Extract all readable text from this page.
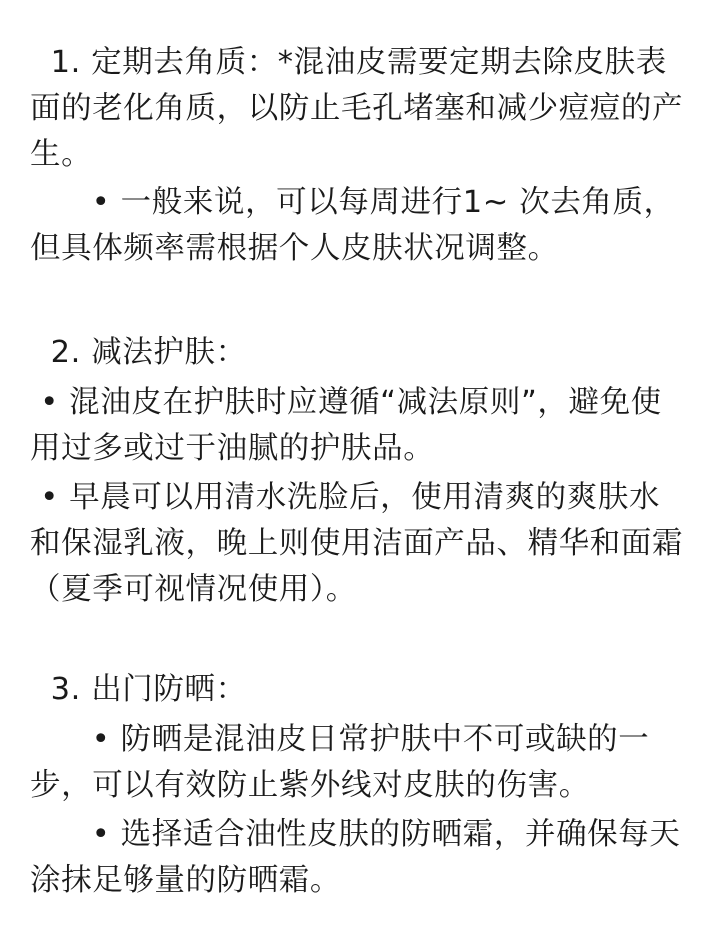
1. 定期去角质：*混油皮需要定期去除皮肤表面的老化角质，以防止毛孔堵塞和减少痘痘的产生。
• 一般来说，可以每周进行1~ 次去角质，但具体频率需根据个人皮肤状况调整。
2. 减法护肤：
• 混油皮在护肤时应遵循“减法原则”，避免使用过多或过于油腻的护肤品。
• 早晨可以用清水洗脸后，使用清爽的爽肤水和保湿乳液，晚上则使用洁面产品、精华和面霜（夏季可视情况使用）。
3. 出门防晒：
• 防晒是混油皮日常护肤中不可或缺的一步，可以有效防止紫外线对皮肤的伤害。
• 选择适合油性皮肤的防晒霜，并确保每天涂抹足够量的防晒霜。
